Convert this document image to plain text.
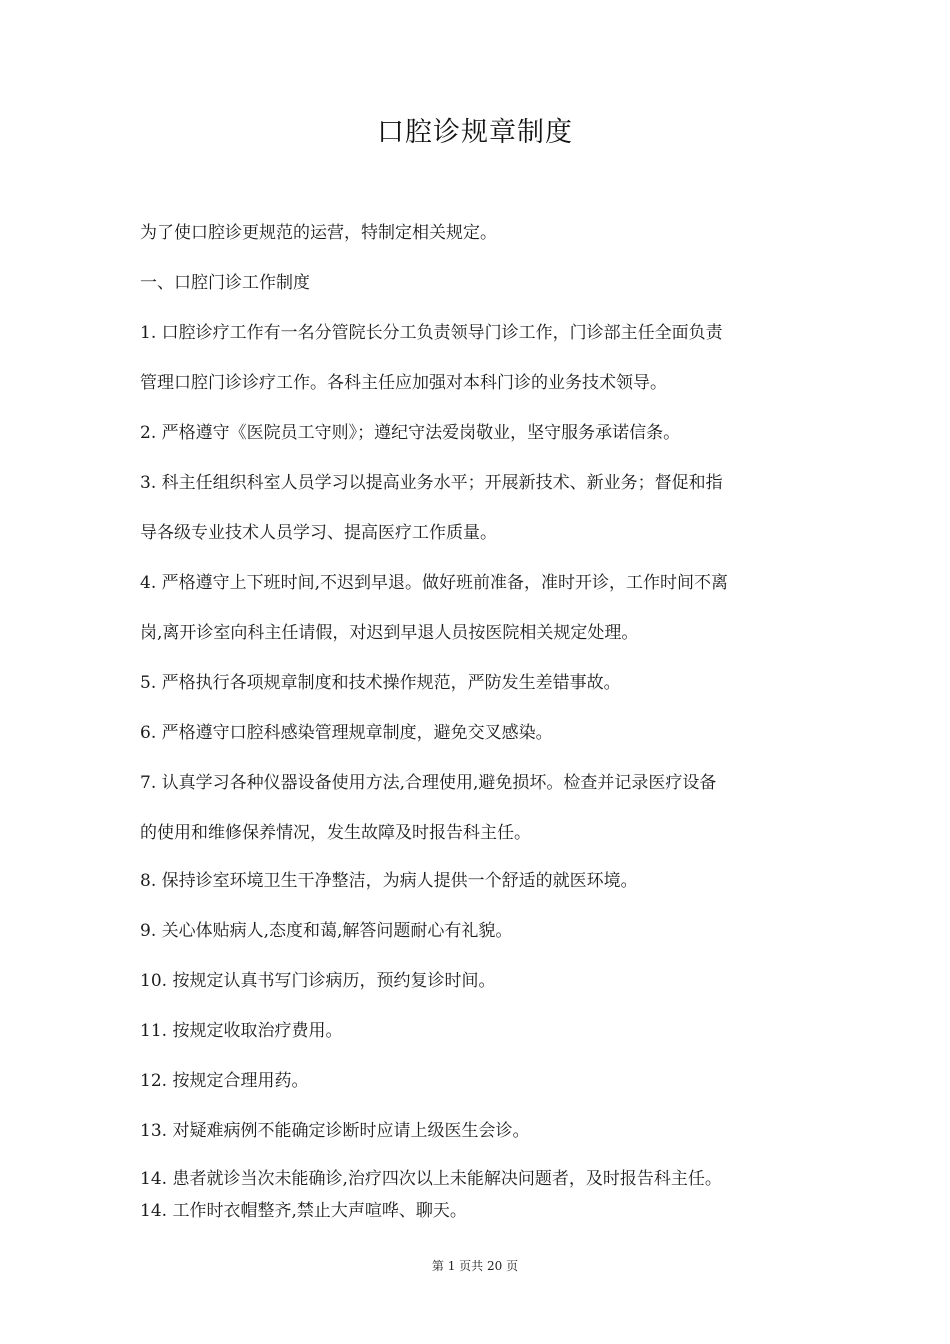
口腔诊规章制度
为了使口腔诊更规范的运营，特制定相关规定。
一、口腔门诊工作制度
1. 口腔诊疗工作有一名分管院长分工负责领导门诊工作，门诊部主任全面负责
管理口腔门诊诊疗工作。各科主任应加强对本科门诊的业务技术领导。
2. 严格遵守《医院员工守则》；遵纪守法爱岗敬业，坚守服务承诺信条。
3. 科主任组织科室人员学习以提高业务水平；开展新技术、新业务；督促和指
导各级专业技术人员学习、提高医疗工作质量。
4. 严格遵守上下班时间,不迟到早退。做好班前准备，准时开诊，工作时间不离
岗,离开诊室向科主任请假，对迟到早退人员按医院相关规定处理。
5. 严格执行各项规章制度和技术操作规范，严防发生差错事故。
6. 严格遵守口腔科感染管理规章制度，避免交叉感染。
7. 认真学习各种仪器设备使用方法,合理使用,避免损坏。检查并记录医疗设备
的使用和维修保养情况，发生故障及时报告科主任。
8. 保持诊室环境卫生干净整洁，为病人提供一个舒适的就医环境。
9. 关心体贴病人,态度和蔼,解答问题耐心有礼貌。
10. 按规定认真书写门诊病历，预约复诊时间。
11. 按规定收取治疗费用。
12. 按规定合理用药。
13. 对疑难病例不能确定诊断时应请上级医生会诊。
14. 患者就诊当次未能确诊,治疗四次以上未能解决问题者，及时报告科主任。
14. 工作时衣帽整齐,禁止大声喧哗、聊天。
第 1 页共 20 页
